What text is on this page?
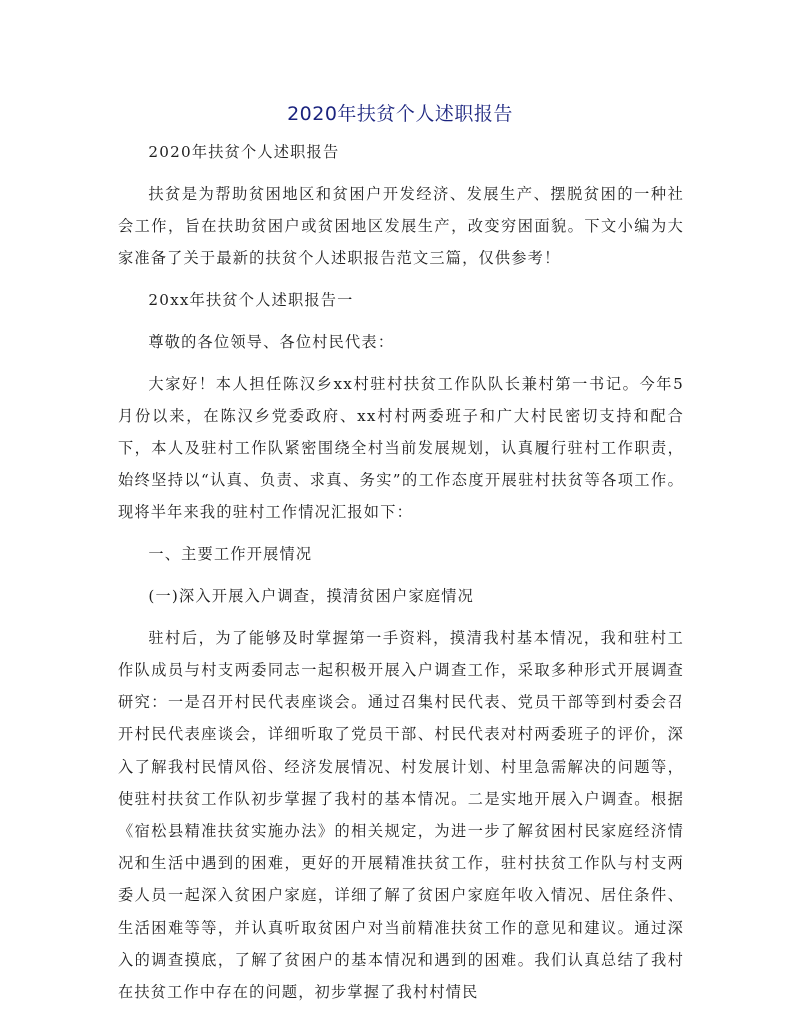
2020年扶贫个人述职报告

2020年扶贫个人述职报告

扶贫是为帮助贫困地区和贫困户开发经济、发展生产、摆脱贫困的一种社会工作，旨在扶助贫困户或贫困地区发展生产，改变穷困面貌。下文小编为大家准备了关于最新的扶贫个人述职报告范文三篇，仅供参考！

20xx年扶贫个人述职报告一

尊敬的各位领导、各位村民代表：

大家好！本人担任陈汉乡xx村驻村扶贫工作队队长兼村第一书记。今年5月份以来，在陈汉乡党委政府、xx村村两委班子和广大村民密切支持和配合下，本人及驻村工作队紧密围绕全村当前发展规划，认真履行驻村工作职责，始终坚持以“认真、负责、求真、务实”的工作态度开展驻村扶贫等各项工作。现将半年来我的驻村工作情况汇报如下：

一、主要工作开展情况

(一)深入开展入户调查，摸清贫困户家庭情况

驻村后，为了能够及时掌握第一手资料，摸清我村基本情况，我和驻村工作队成员与村支两委同志一起积极开展入户调查工作，采取多种形式开展调查研究：一是召开村民代表座谈会。通过召集村民代表、党员干部等到村委会召开村民代表座谈会，详细听取了党员干部、村民代表对村两委班子的评价，深入了解我村民情风俗、经济发展情况、村发展计划、村里急需解决的问题等，使驻村扶贫工作队初步掌握了我村的基本情况。二是实地开展入户调查。根据《宿松县精准扶贫实施办法》的相关规定，为进一步了解贫困村民家庭经济情况和生活中遇到的困难，更好的开展精准扶贫工作，驻村扶贫工作队与村支两委人员一起深入贫困户家庭，详细了解了贫困户家庭年收入情况、居住条件、生活困难等等，并认真听取贫困户对当前精准扶贫工作的意见和建议。通过深入的调查摸底，了解了贫困户的基本情况和遇到的困难。我们认真总结了我村在扶贫工作中存在的问题，初步掌握了我村村情民
